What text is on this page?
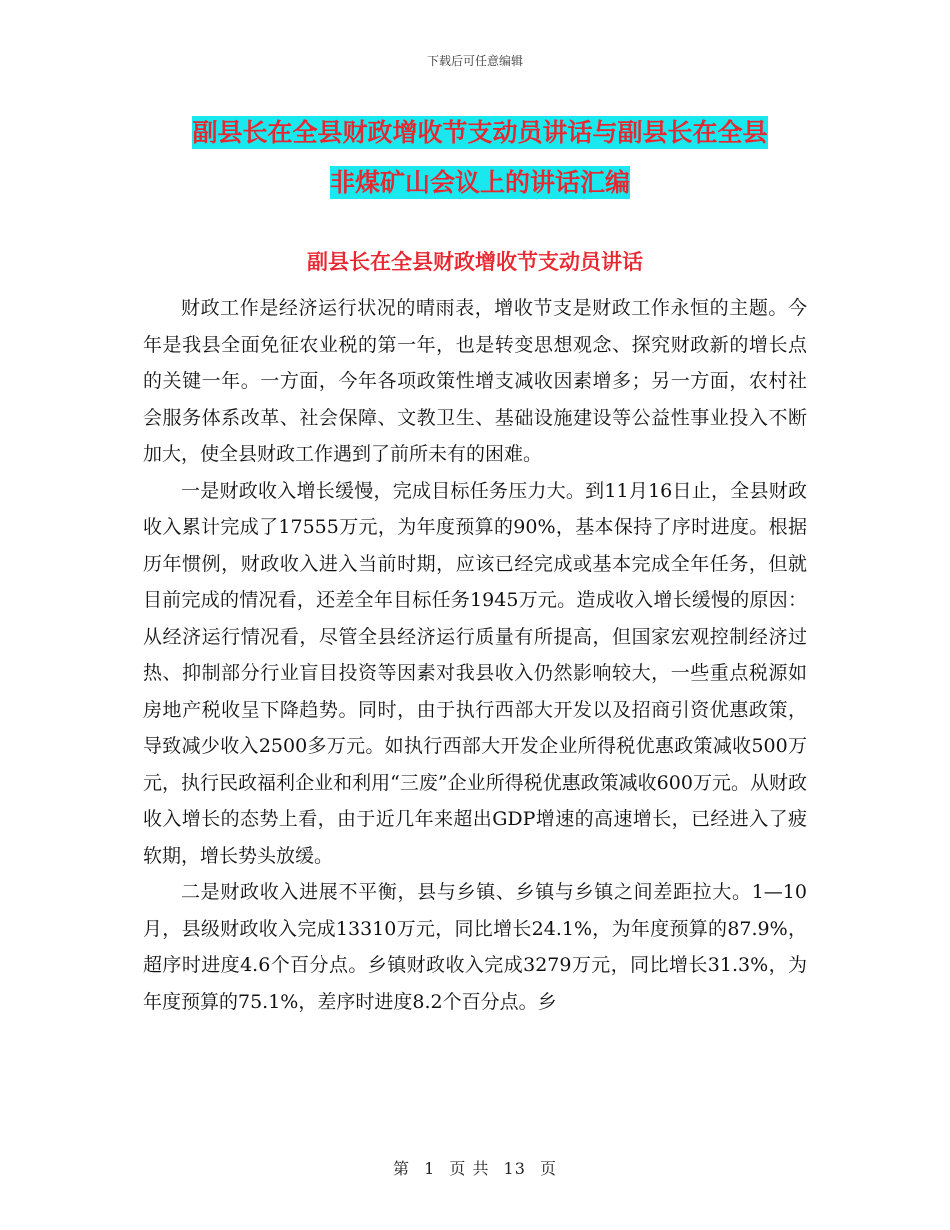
下载后可任意编辑
副县长在全县财政增收节支动员讲话与副县长在全县
非煤矿山会议上的讲话汇编
副县长在全县财政增收节支动员讲话

财政工作是经济运行状况的晴雨表，增收节支是财政工作永恒的主题。今年是我县全面免征农业税的第一年，也是转变思想观念、探究财政新的增长点的关键一年。一方面，今年各项政策性增支减收因素增多；另一方面，农村社会服务体系改革、社会保障、文教卫生、基础设施建设等公益性事业投入不断加大，使全县财政工作遇到了前所未有的困难。

一是财政收入增长缓慢，完成目标任务压力大。到11月16日止，全县财政收入累计完成了17555万元，为年度预算的90%，基本保持了序时进度。根据历年惯例，财政收入进入当前时期，应该已经完成或基本完成全年任务，但就目前完成的情况看，还差全年目标任务1945万元。造成收入增长缓慢的原因：从经济运行情况看，尽管全县经济运行质量有所提高，但国家宏观控制经济过热、抑制部分行业盲目投资等因素对我县收入仍然影响较大，一些重点税源如房地产税收呈下降趋势。同时，由于执行西部大开发以及招商引资优惠政策，导致减少收入2500多万元。如执行西部大开发企业所得税优惠政策减收500万元，执行民政福利企业和利用“三废”企业所得税优惠政策减收600万元。从财政收入增长的态势上看，由于近几年来超出GDP增速的高速增长，已经进入了疲软期，增长势头放缓。

二是财政收入进展不平衡，县与乡镇、乡镇与乡镇之间差距拉大。1—10月，县级财政收入完成13310万元，同比增长24.1%，为年度预算的87.9%，超序时进度4.6个百分点。乡镇财政收入完成3279万元，同比增长31.3%，为年度预算的75.1%，差序时进度8.2个百分点。乡

第 1 页 共 13 页
